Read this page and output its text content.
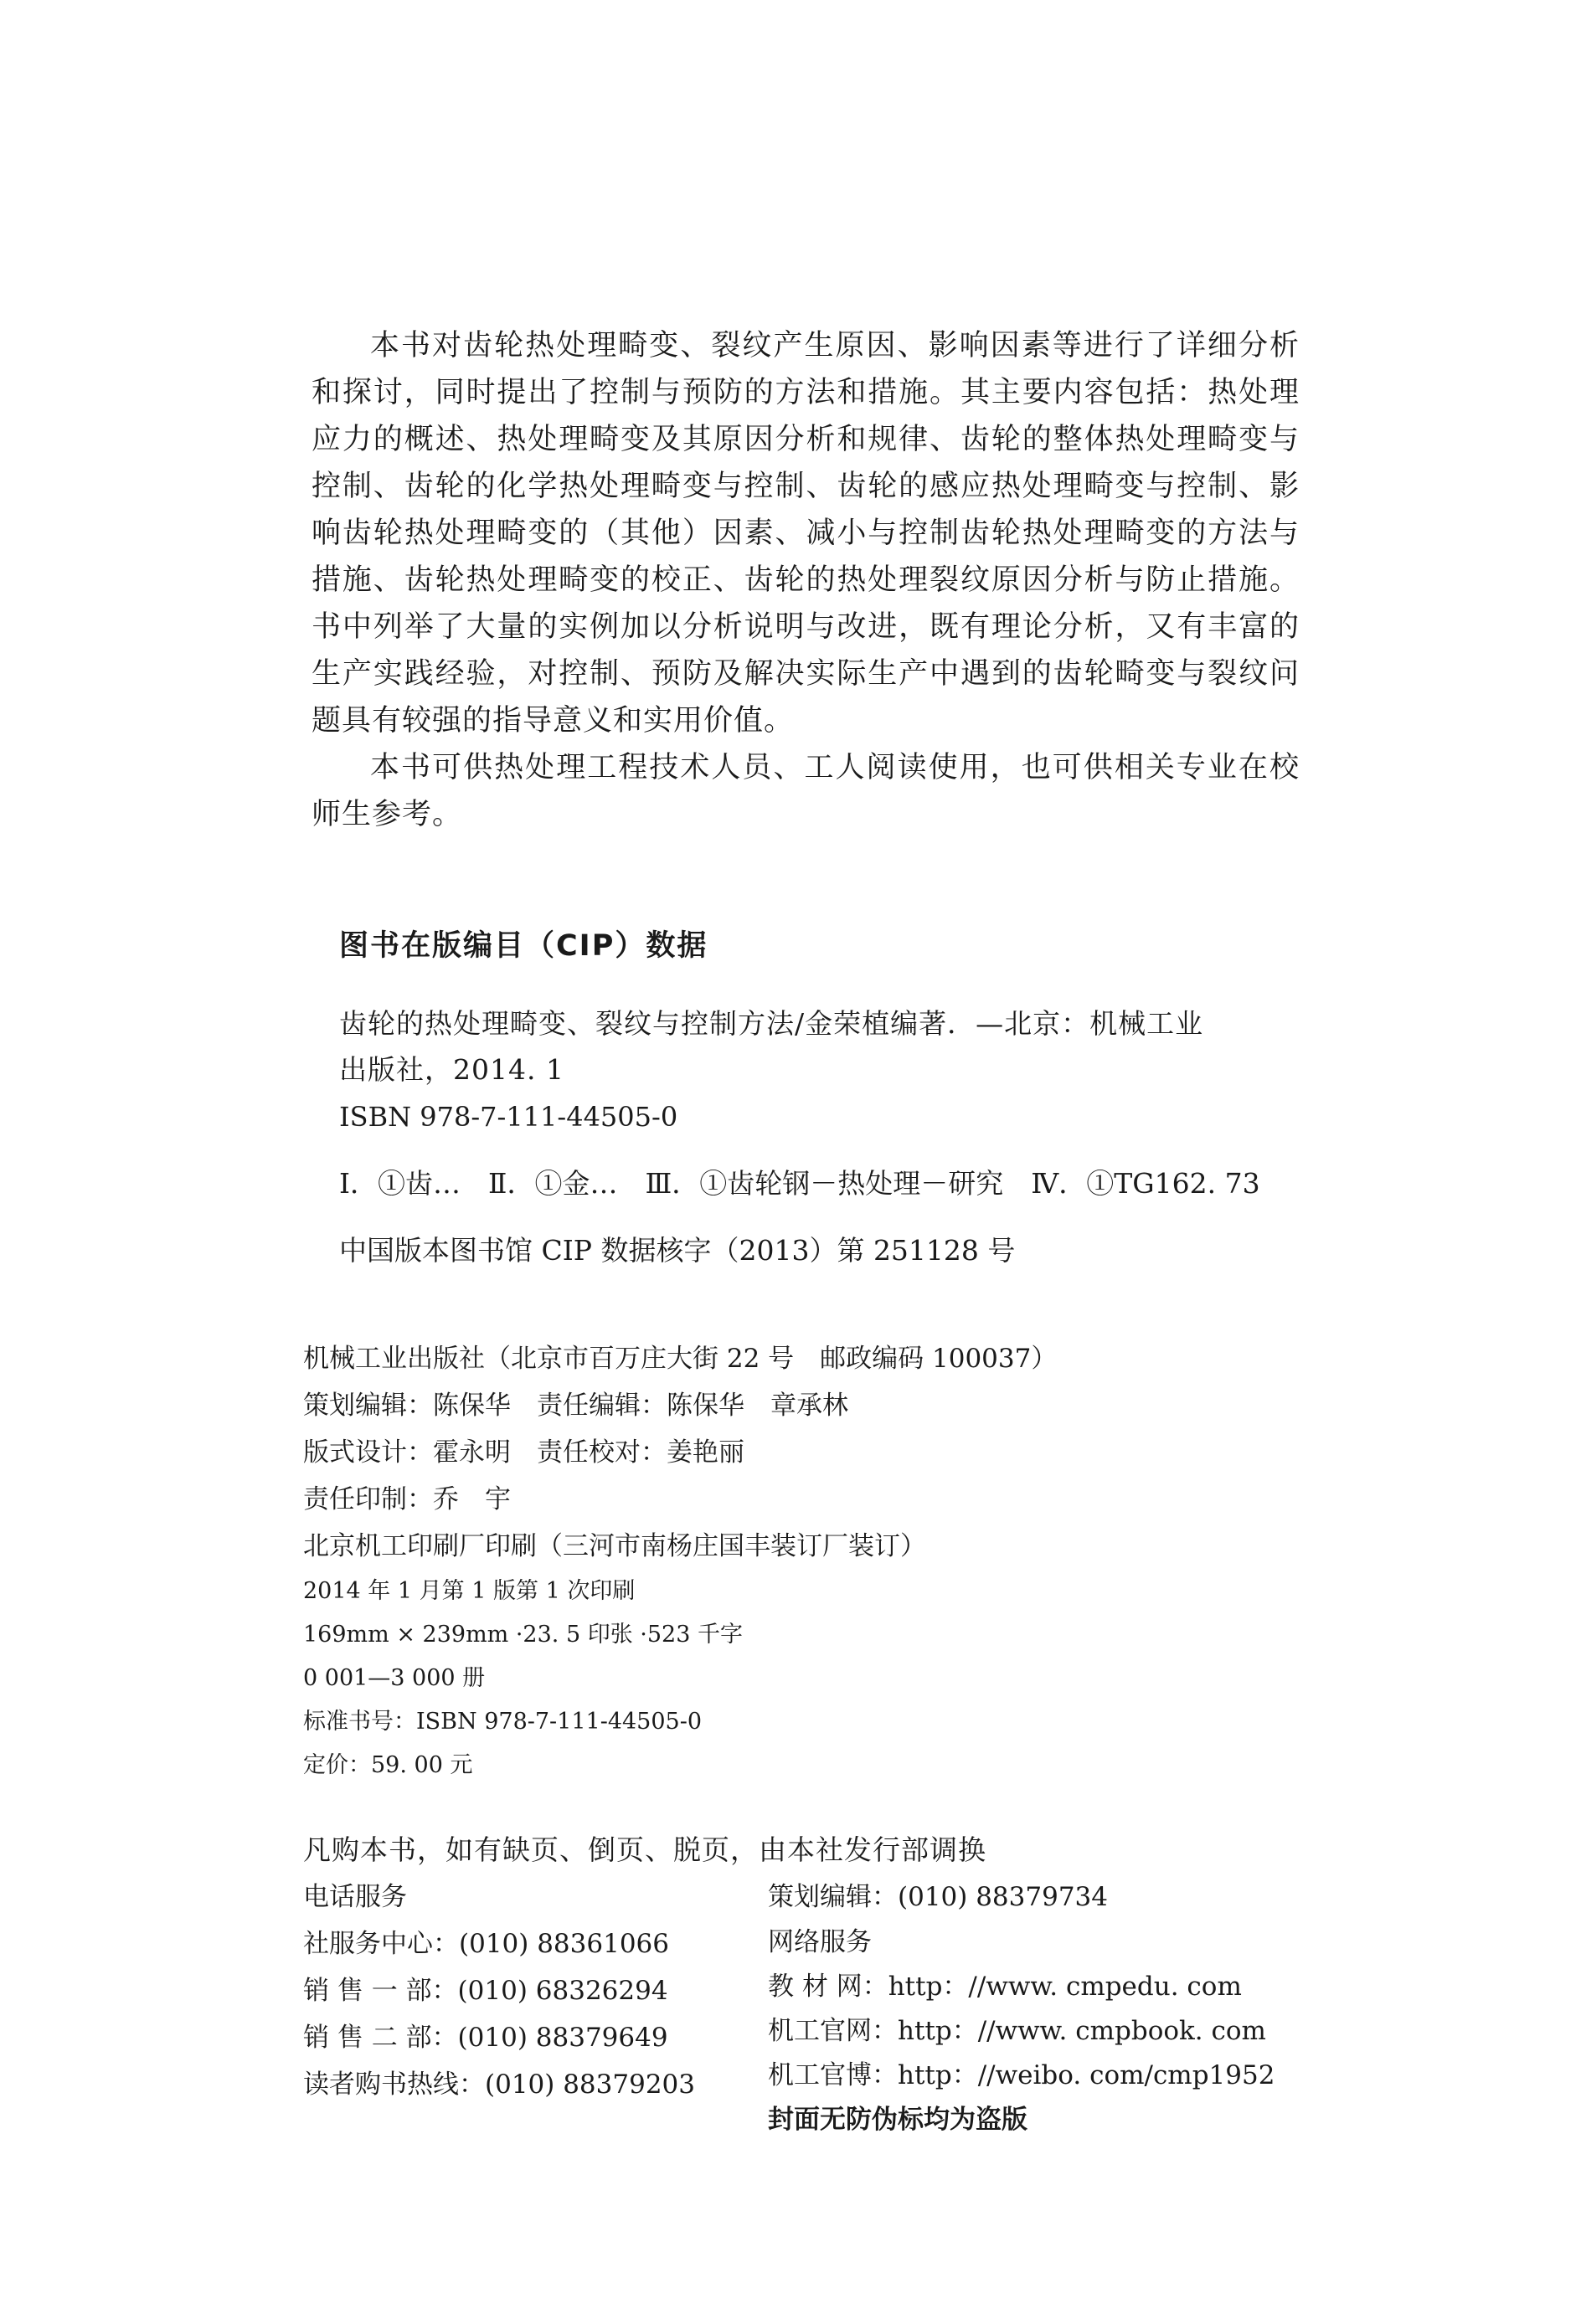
本书对齿轮热处理畸变、裂纹产生原因、影响因素等进行了详细分析和探讨，同时提出了控制与预防的方法和措施。其主要内容包括：热处理应力的概述、热处理畸变及其原因分析和规律、齿轮的整体热处理畸变与控制、齿轮的化学热处理畸变与控制、齿轮的感应热处理畸变与控制、影响齿轮热处理畸变的（其他）因素、减小与控制齿轮热处理畸变的方法与措施、齿轮热处理畸变的校正、齿轮的热处理裂纹原因分析与防止措施。书中列举了大量的实例加以分析说明与改进，既有理论分析，又有丰富的生产实践经验，对控制、预防及解决实际生产中遇到的齿轮畸变与裂纹问题具有较强的指导意义和实用价值。

本书可供热处理工程技术人员、工人阅读使用，也可供相关专业在校师生参考。

图书在版编目（CIP）数据

齿轮的热处理畸变、裂纹与控制方法/金荣植编著．—北京：机械工业
出版社，2014. 1

ISBN 978-7-111-44505-0

Ⅰ．①齿…　Ⅱ．①金…　Ⅲ．①齿轮钢－热处理－研究　Ⅳ．①TG162. 73

中国版本图书馆 CIP 数据核字（2013）第 251128 号

机械工业出版社（北京市百万庄大街 22 号　邮政编码 100037）

策划编辑：陈保华　责任编辑：陈保华　章承林

版式设计：霍永明　责任校对：姜艳丽

责任印制：乔　宇

北京机工印刷厂印刷（三河市南杨庄国丰装订厂装订）

2014 年 1 月第 1 版第 1 次印刷

169mm × 239mm ·23. 5 印张 ·523 千字

0 001—3 000 册

标准书号：ISBN 978-7-111-44505-0

定价：59. 00 元

凡购本书，如有缺页、倒页、脱页，由本社发行部调换

电话服务

社服务中心：(010) 88361066

销 售 一 部：(010) 68326294

销 售 二 部：(010) 88379649

读者购书热线：(010) 88379203

策划编辑：(010) 88379734

网络服务

教 材 网：http：//www. cmpedu. com

机工官网：http：//www. cmpbook. com

机工官博：http：//weibo. com/cmp1952

封面无防伪标均为盗版
